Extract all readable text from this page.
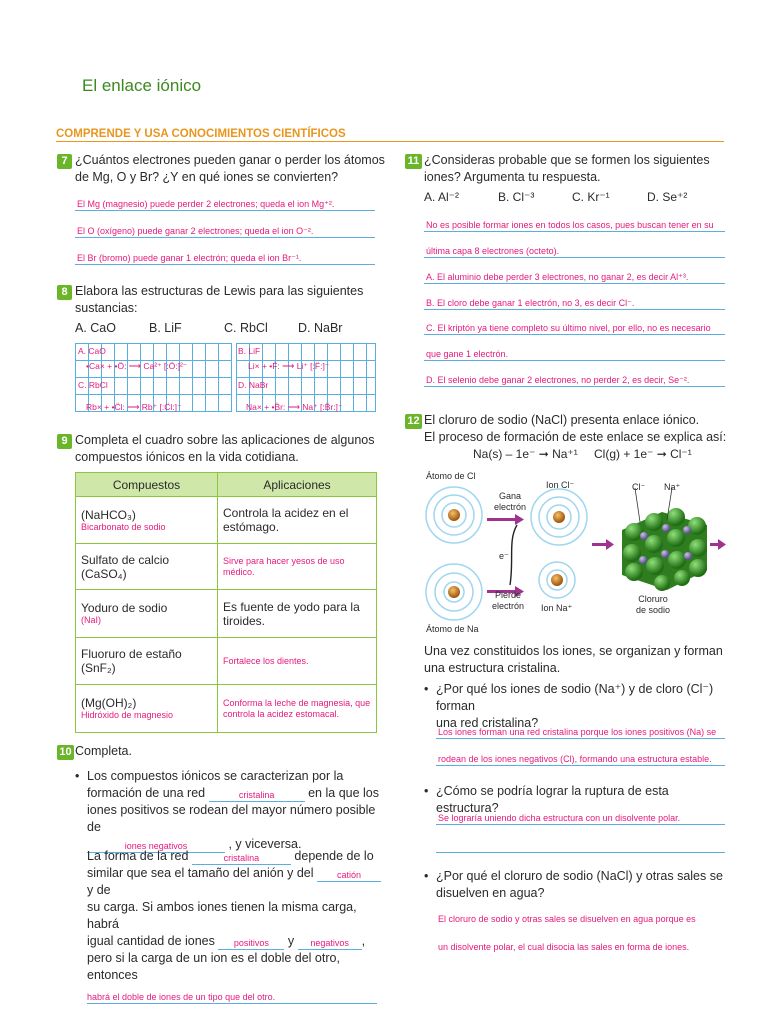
El enlace iónico
COMPRENDE Y USA CONOCIMIENTOS CIENTÍFICOS
7 ¿Cuántos electrones pueden ganar o perder los átomos
de Mg, O y Br? ¿Y en qué iones se convierten?
El Mg (magnesio) puede perder 2 electrones; queda el ion Mg⁺².
El O (oxígeno) puede ganar 2 electrones; queda el ion O⁻².
El Br (bromo) puede ganar 1 electrón; queda el ion Br⁻¹.
8 Elabora las estructuras de Lewis para las siguientes
sustancias:
A. CaO	B. LiF	C. RbCl D. NaBr
A. CaO
•Ca× + •Ö: ⟶ Ca²⁺ [:Ö:]²⁻
B. LiF
Li× + •F̈: ⟶ Li⁺ [:F̈:]⁻
C. RbCl
Rb× + •C̈l: ⟶ Rb⁺ [:C̈l:]⁻
D. NaBr
Na× + •B̈r: ⟶ Na⁺ [:B̈r:]⁻
9 Completa el cuadro sobre las aplicaciones de algunos
compuestos iónicos en la vida cotidiana.
Compuestos	Aplicaciones
(NaHCO₃)
Bicarbonato de sodio	Controla la acidez en el estómago.

Sulfato de calcio (CaSO₄)	Sirve para hacer yesos de uso médico.

Yoduro de sodio
(NaI)	Es fuente de yodo para la tiroides.

Fluoruro de estaño (SnF₂)	Fortalece los dientes.

(Mg(OH)₂)
Hidróxido de magnesio	Conforma la leche de magnesia, que controla la acidez estomacal.
10 Completa.
• Los compuestos iónicos se caracterizan por la
formación de una red	cristalina	en la que los
iones positivos se rodean del mayor número posible de
iones negativos	, y viceversa.
La forma de la red	cristalina	depende de lo
similar que sea el tamaño del anión y del	catión y de
su carga. Si ambos iones tienen la misma carga, habrá
igual cantidad de iones positivos y negativos ,
pero si la carga de un ion es el doble del otro, entonces
habrá el doble de iones de un tipo que del otro.
11 ¿Consideras probable que se formen los siguientes
iones? Argumenta tu respuesta.
A. Al⁻²	B. Cl⁻³	C. Kr⁻¹	D. Se⁺²
No es posible formar iones en todos los casos, pues buscan tener en su
última capa 8 electrones (octeto).
A. El aluminio debe perder 3 electrones, no ganar 2, es decir Al⁺³.
B. El cloro debe ganar 1 electrón, no 3, es decir Cl⁻.
C. El kriptón ya tiene completo su último nivel, por ello, no es necesario
que gane 1 electrón.
D. El selenio debe ganar 2 electrones, no perder 2, es decir, Se⁻².
12 El cloruro de sodio (NaCl) presenta enlace iónico.
El proceso de formación de este enlace se explica así:
Na(s) – 1e⁻ ➞ Na⁺¹ Cl(g) + 1e⁻ ➞ Cl⁻¹
Átomo de Cl
Gana electrón
Ion Cl⁻	Cl⁻ Na⁺
e⁻
Pierde electrón Ion Na⁺
Cloruro de sodio
Átomo de Na
Una vez constituidos los iones, se organizan y forman
una estructura cristalina.
• ¿Por qué los iones de sodio (Na⁺) y de cloro (Cl⁻) forman
una red cristalina?
Los iones forman una red cristalina porque los iones positivos (Na) se
rodean de los iones negativos (Cl), formando una estructura estable.
• ¿Cómo se podría lograr la ruptura de esta estructura?
Se lograría uniendo dicha estructura con un disolvente polar.
• ¿Por qué el cloruro de sodio (NaCl) y otras sales se
disuelven en agua?
El cloruro de sodio y otras sales se disuelven en agua porque es
un disolvente polar, el cual disocia las sales en forma de iones.
